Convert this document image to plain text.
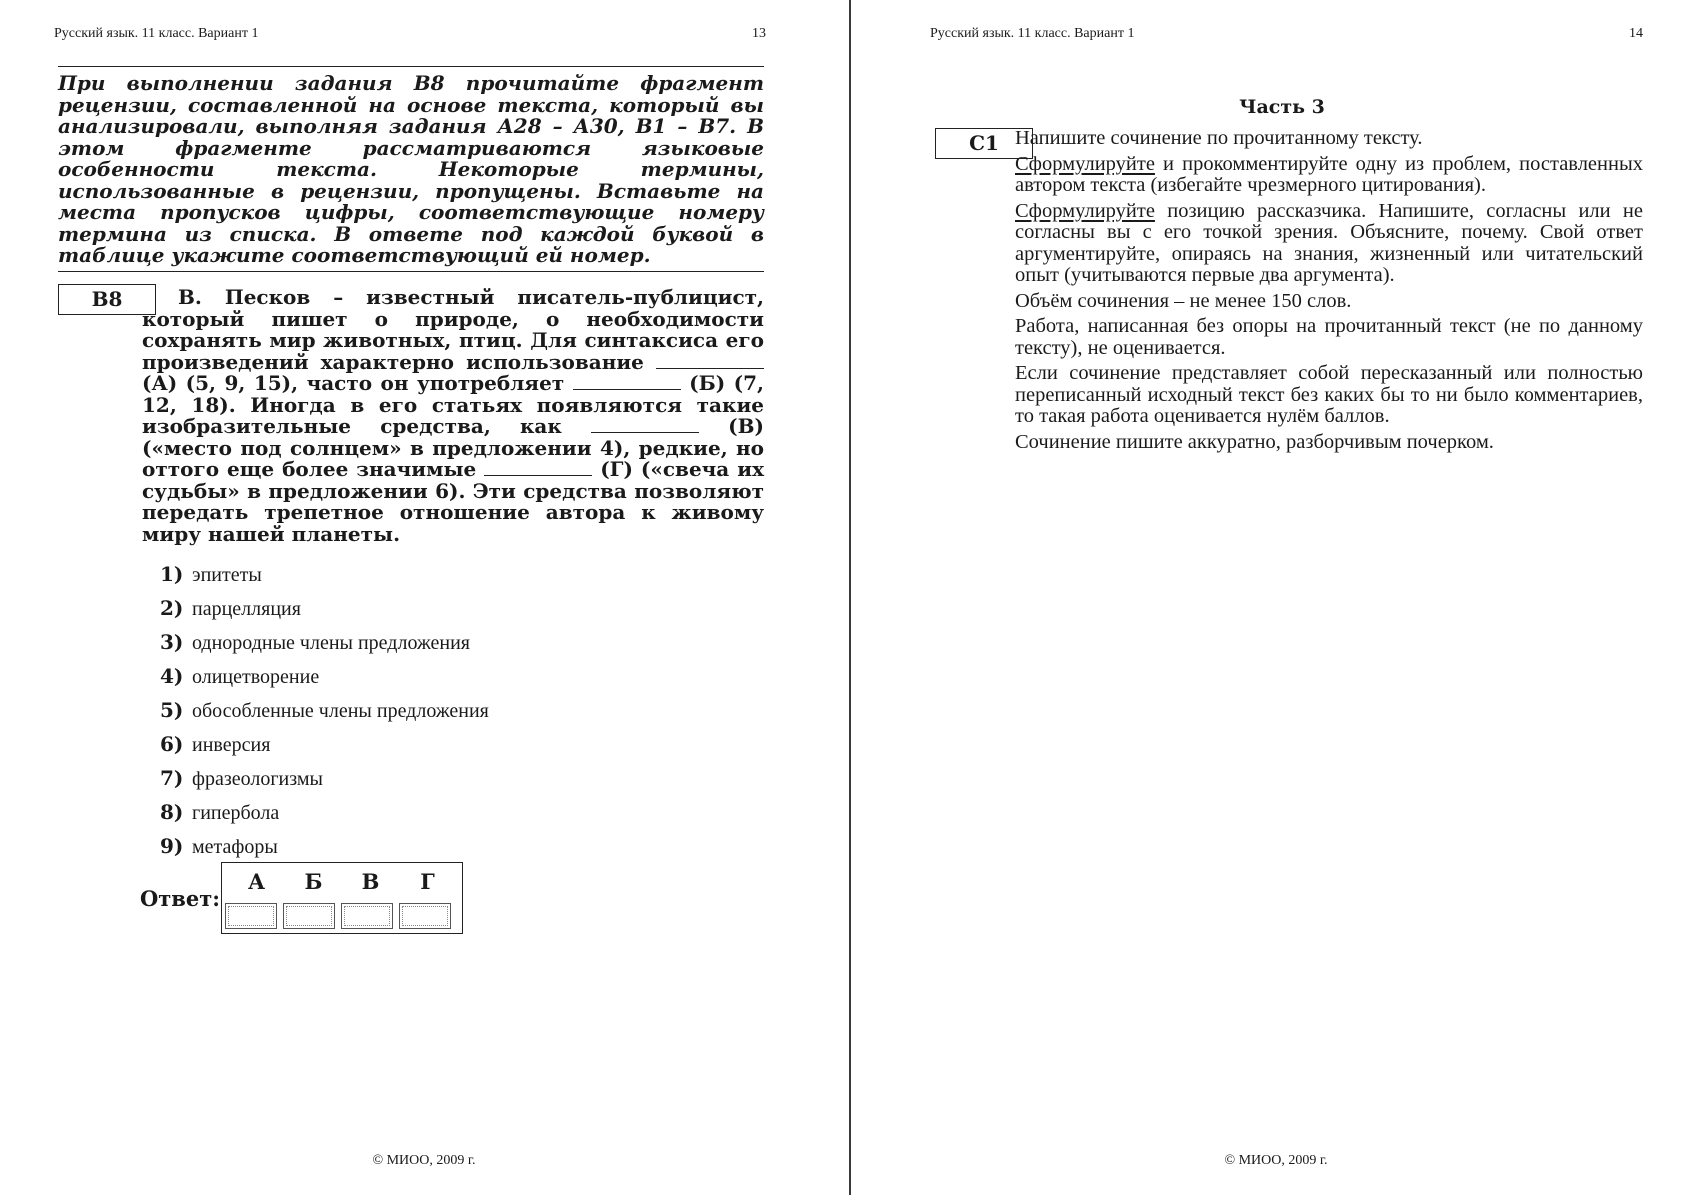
Русский язык. 11 класс. Вариант 1	13

При выполнении задания В8 прочитайте фрагмент рецензии, составленной на основе текста, который вы анализировали, выполняя задания А28 – А30, В1 – В7. В этом фрагменте рассматриваются языковые особенности текста. Некоторые термины, использованные в рецензии, пропущены. Вставьте на места пропусков цифры, соответствующие номеру термина из списка. В ответе под каждой буквой в таблице укажите соответствующий ей номер.

B8	В. Песков – известный писатель-публицист, который пишет о природе, о необходимости сохранять мир животных, птиц. Для синтаксиса его произведений характерно использование  (А) (5, 9, 15), часто он употребляет	(Б) (7, 12, 18). Иногда в его статьях появляются такие изобразительные средства, как	(В) («место под солнцем» в предложении 4), редкие, но оттого еще более значимые	(Г) («свеча их судьбы» в предложении 6). Эти средства позволяют передать трепетное отношение автора к живому миру нашей планеты.

1) эпитеты
2) парцелляция
3) однородные члены предложения
4) олицетворение
5) обособленные члены предложения
6) инверсия
7) фразеологизмы
8) гипербола
9) метафоры
Ответ:
А	Б	В	Г
© МИОО, 2009 г.
Русский язык. 11 класс. Вариант 1	14
Часть 3
C1 Напишите сочинение по прочитанному тексту.

Сформулируйте и прокомментируйте одну из проблем, поставленных автором текста (избегайте чрезмерного цитирования).

Сформулируйте позицию рассказчика. Напишите, согласны или не согласны вы с его точкой зрения. Объясните, почему. Свой ответ аргументируйте, опираясь на знания, жизненный или читательский опыт (учитываются первые два аргумента).

Объём сочинения – не менее 150 слов.

Работа, написанная без опоры на прочитанный текст (не по данному тексту), не оценивается.

Если сочинение представляет собой пересказанный или полностью переписанный исходный текст без каких бы то ни было комментариев, то такая работа оценивается нулём баллов.

Сочинение пишите аккуратно, разборчивым почерком.

© МИОО, 2009 г.
